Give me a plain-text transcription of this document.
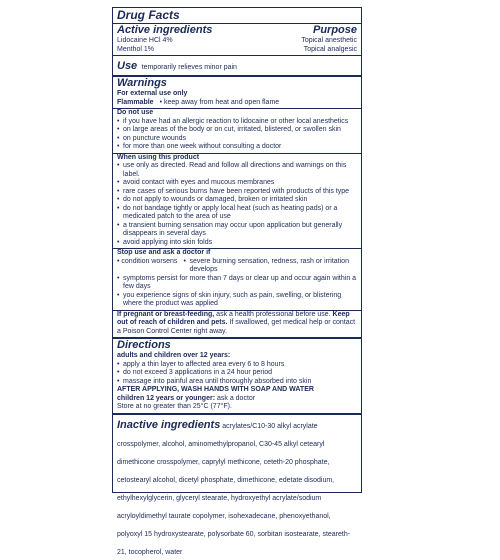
Drug Facts
Active ingredients	Purpose
Lidocaine HCl 4%	Topical anesthetic
Menthol 1%	Topical analgesic
Use temporarily relieves minor pain
Warnings
For external use only
Flammable • keep away from heat and open flame
Do not use
• if you have had an allergic reaction to lidocaine or other local anesthetics
• on large areas of the body or on cut, irritated, blistered, or swollen skin
• on puncture wounds
• for more than one week without consulting a doctor
When using this product
• use only as directed. Read and follow all directions and warnings on this label.
• avoid contact with eyes and mucous membranes
• rare cases of serious burns have been reported with products of this type
• do not apply to wounds or damaged, broken or irritated skin
• do not bandage tightly or apply local heat (such as heating pads) or a medicated patch to the area of use
• a transient burning sensation may occur upon application but generally disappears in several days
• avoid applying into skin folds
Stop use and ask a doctor if
• condition worsens • severe burning sensation, redness, rash or irritation develops
• symptoms persist for more than 7 days or clear up and occur again within a few days
• you experience signs of skin injury, such as pain, swelling, or blistering where the product was applied
If pregnant or breast-feeding, ask a health professional before use. Keep out of reach of children and pets. If swallowed, get medical help or contact a Poison Control Center right away.
Directions
adults and children over 12 years:
• apply a thin layer to affected area every 6 to 8 hours
• do not exceed 3 applications in a 24 hour period
• massage into painful area until thoroughly absorbed into skin
AFTER APPLYING, WASH HANDS WITH SOAP AND WATER
children 12 years or younger: ask a doctor
Store at no greater than 25°C (77°F).
Inactive ingredients acrylates/C10-30 alkyl acrylate crosspolymer, alcohol, aminomethylpropanol, C30-45 alkyl cetearyl dimethicone crosspolymer, caprylyl methicone, ceteth-20 phosphate, cetostearyl alcohol, dicetyl phosphate, dimethicone, edetate disodium, ethylhexylglycerin, glyceryl stearate, hydroxyethyl acrylate/sodium acryloyldimethyl taurate copolymer, isohexadecane, phenoxyethanol, polyoxyl 15 hydroxystearate, polysorbate 60, sorbitan isostearate, steareth-21, tocopherol, water
